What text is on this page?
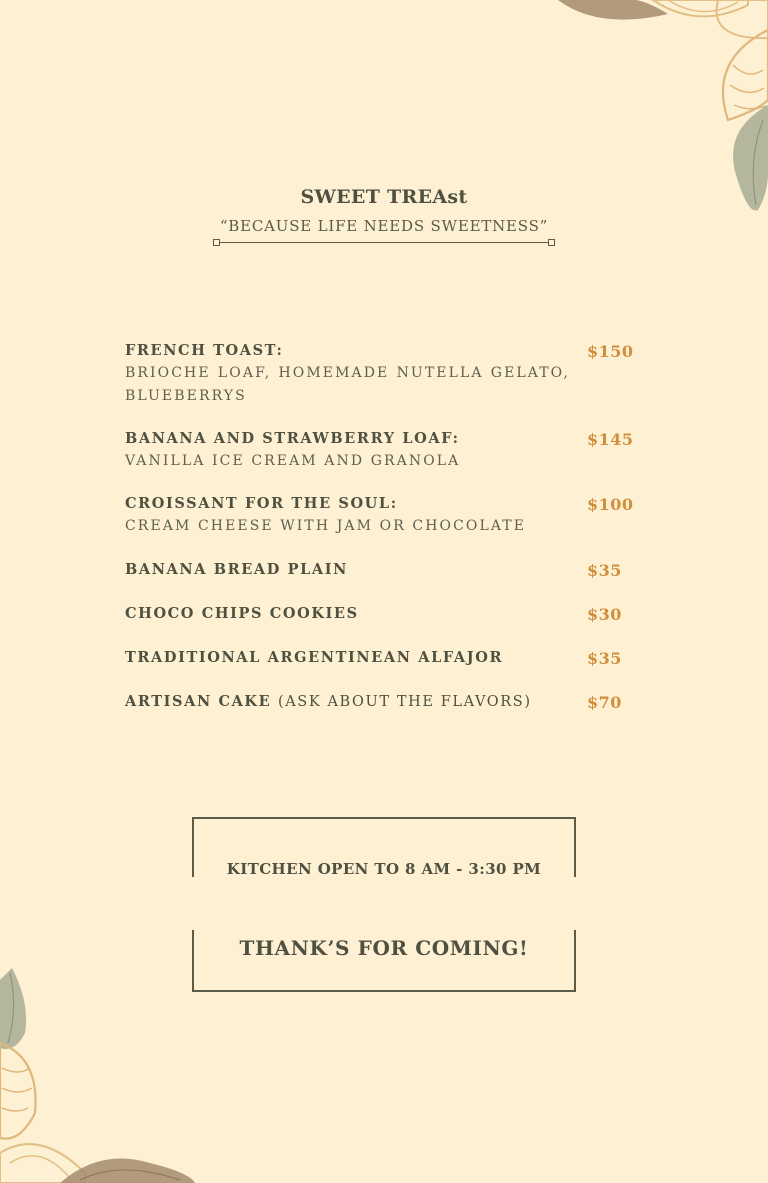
SWEET TREAst
“BECAUSE LIFE NEEDS SWEETNESS”
FRENCH TOAST:
BRIOCHE LOAF, HOMEMADE NUTELLA GELATO, BLUEBERRYS
$150
BANANA AND STRAWBERRY LOAF:
VANILLA ICE CREAM AND GRANOLA
$145
CROISSANT FOR THE SOUL:
CREAM CHEESE WITH JAM OR CHOCOLATE
$100
BANANA BREAD PLAIN	$35
CHOCO CHIPS COOKIES	$30
TRADITIONAL ARGENTINEAN ALFAJOR	$35
ARTISAN CAKE (ASK ABOUT THE FLAVORS)	$70
KITCHEN OPEN TO 8 AM - 3:30 PM
THANK’S FOR COMING!
